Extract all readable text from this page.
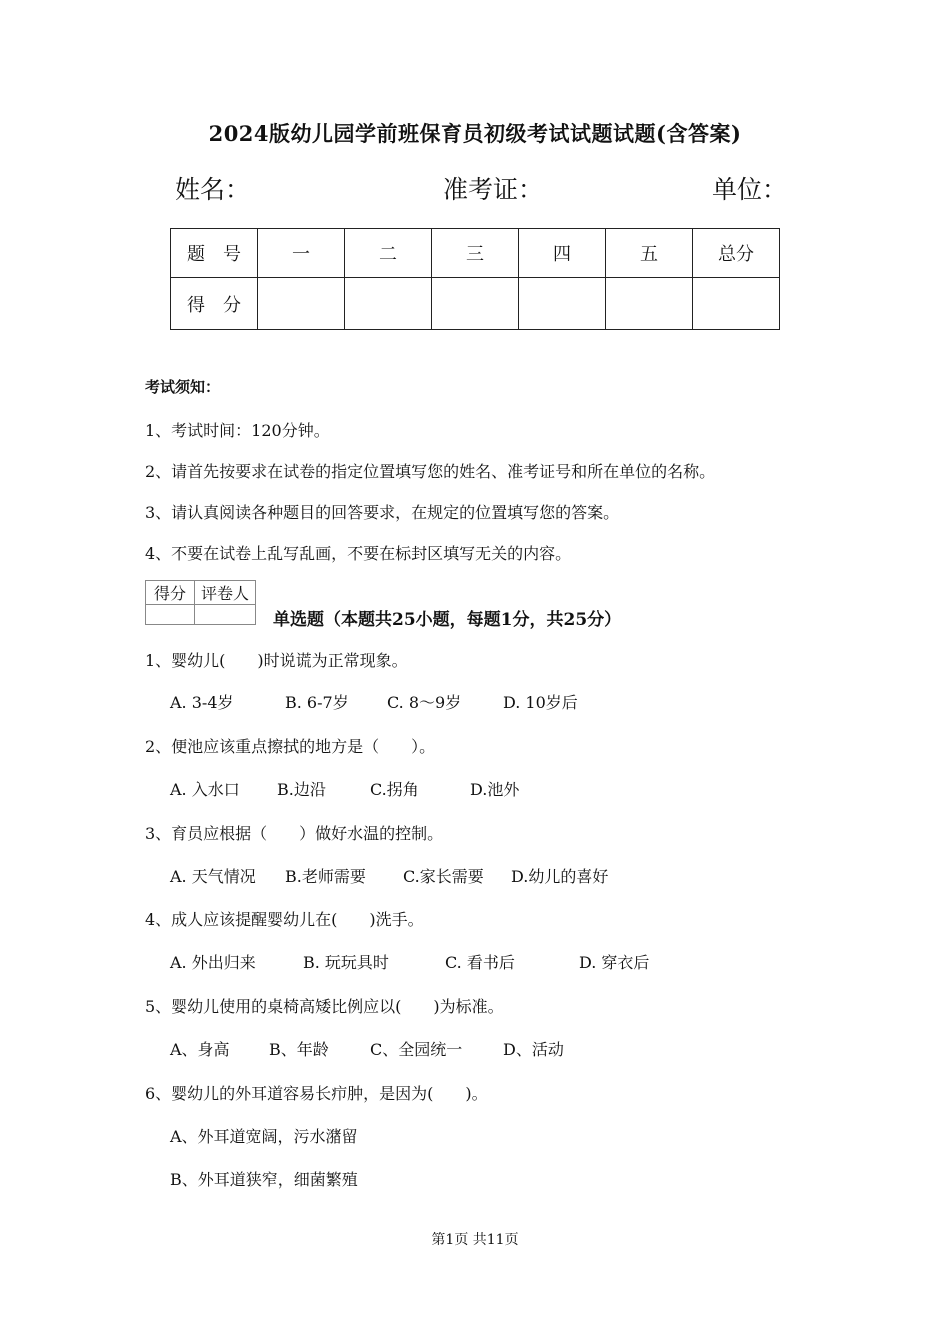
2024版幼儿园学前班保育员初级考试试题试题(含答案)
姓名：	准考证：	单位：
题　号	一	二	三	四	五	总分
得　分						
考试须知：
1、考试时间：120分钟。
2、请首先按要求在试卷的指定位置填写您的姓名、准考证号和所在单位的名称。
3、请认真阅读各种题目的回答要求，在规定的位置填写您的答案。
4、不要在试卷上乱写乱画，不要在标封区填写无关的内容。
得分	评卷人

单选题（本题共25小题，每题1分，共25分）
1、婴幼儿(　　)时说谎为正常现象。
A. 3-4岁	B. 6-7岁 C. 8～9岁	D. 10岁后
2、便池应该重点擦拭的地方是（　　）。
A. 入水口 B.边沿	C.拐角	D.池外
3、育员应根据（　　）做好水温的控制。
A. 天气情况 B.老师需要 C.家长需要 D.幼儿的喜好
4、成人应该提醒婴幼儿在(　　)洗手。
A. 外出归来	B. 玩玩具时	C. 看书后	D. 穿衣后
5、婴幼儿使用的桌椅高矮比例应以(　　)为标准。
A、身高 B、年龄	C、全园统一	D、活动
6、婴幼儿的外耳道容易长疖肿，是因为(　　)。
A、外耳道宽阔，污水潴留
B、外耳道狭窄，细菌繁殖
第1页 共11页
